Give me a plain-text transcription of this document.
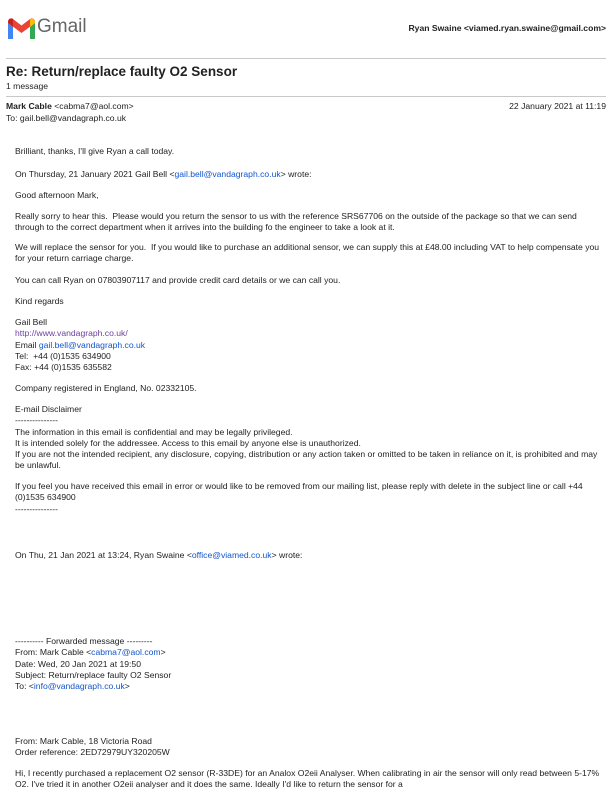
Gmail	Ryan Swaine <viamed.ryan.swaine@gmail.com>
Re: Return/replace faulty O2 Sensor
1 message
Mark Cable <cabma7@aol.com>	22 January 2021 at 11:19
To: gail.bell@vandagraph.co.uk
Brilliant, thanks, I'll give Ryan a call today.
On Thursday, 21 January 2021 Gail Bell <gail.bell@vandagraph.co.uk> wrote:
Good afternoon Mark,
Really sorry to hear this.  Please would you return the sensor to us with the reference SRS67706 on the outside of the package so that we can send through to the correct department when it arrives into the building fo the engineer to take a look at it.
We will replace the sensor for you.  If you would like to purchase an additional sensor, we can supply this at £48.00 including VAT to help compensate you for your return carriage charge.
You can call Ryan on 07803907117 and provide credit card details or we can call you.
Kind regards
Gail Bell
http://www.vandagraph.co.uk/
Email gail.bell@vandagraph.co.uk
Tel:  +44 (0)1535 634900
Fax: +44 (0)1535 635582
Company registered in England, No. 02332105.
E-mail Disclaimer
---------------
The information in this email is confidential and may be legally privileged.
It is intended solely for the addressee. Access to this email by anyone else is unauthorized.
If you are not the intended recipient, any disclosure, copying, distribution or any action taken or omitted to be taken in reliance on it, is prohibited and may be unlawful.
If you feel you have received this email in error or would like to be removed from our mailing list, please reply with delete in the subject line or call +44 (0)1535 634900
---------------
On Thu, 21 Jan 2021 at 13:24, Ryan Swaine <office@viamed.co.uk> wrote:
---------- Forwarded message ---------
From: Mark Cable <cabma7@aol.com>
Date: Wed, 20 Jan 2021 at 19:50
Subject: Return/replace faulty O2 Sensor
To: <info@vandagraph.co.uk>
From: Mark Cable, 18 Victoria Road
Order reference: 2ED72979UY320205W
Hi, I recently purchased a replacement O2 sensor (R-33DE) for an Analox O2eii Analyser. When calibrating in air the sensor will only read between 5-17% O2. I've tried it in another O2eii analyser and it does the same. Ideally I'd like to return the sensor for a
